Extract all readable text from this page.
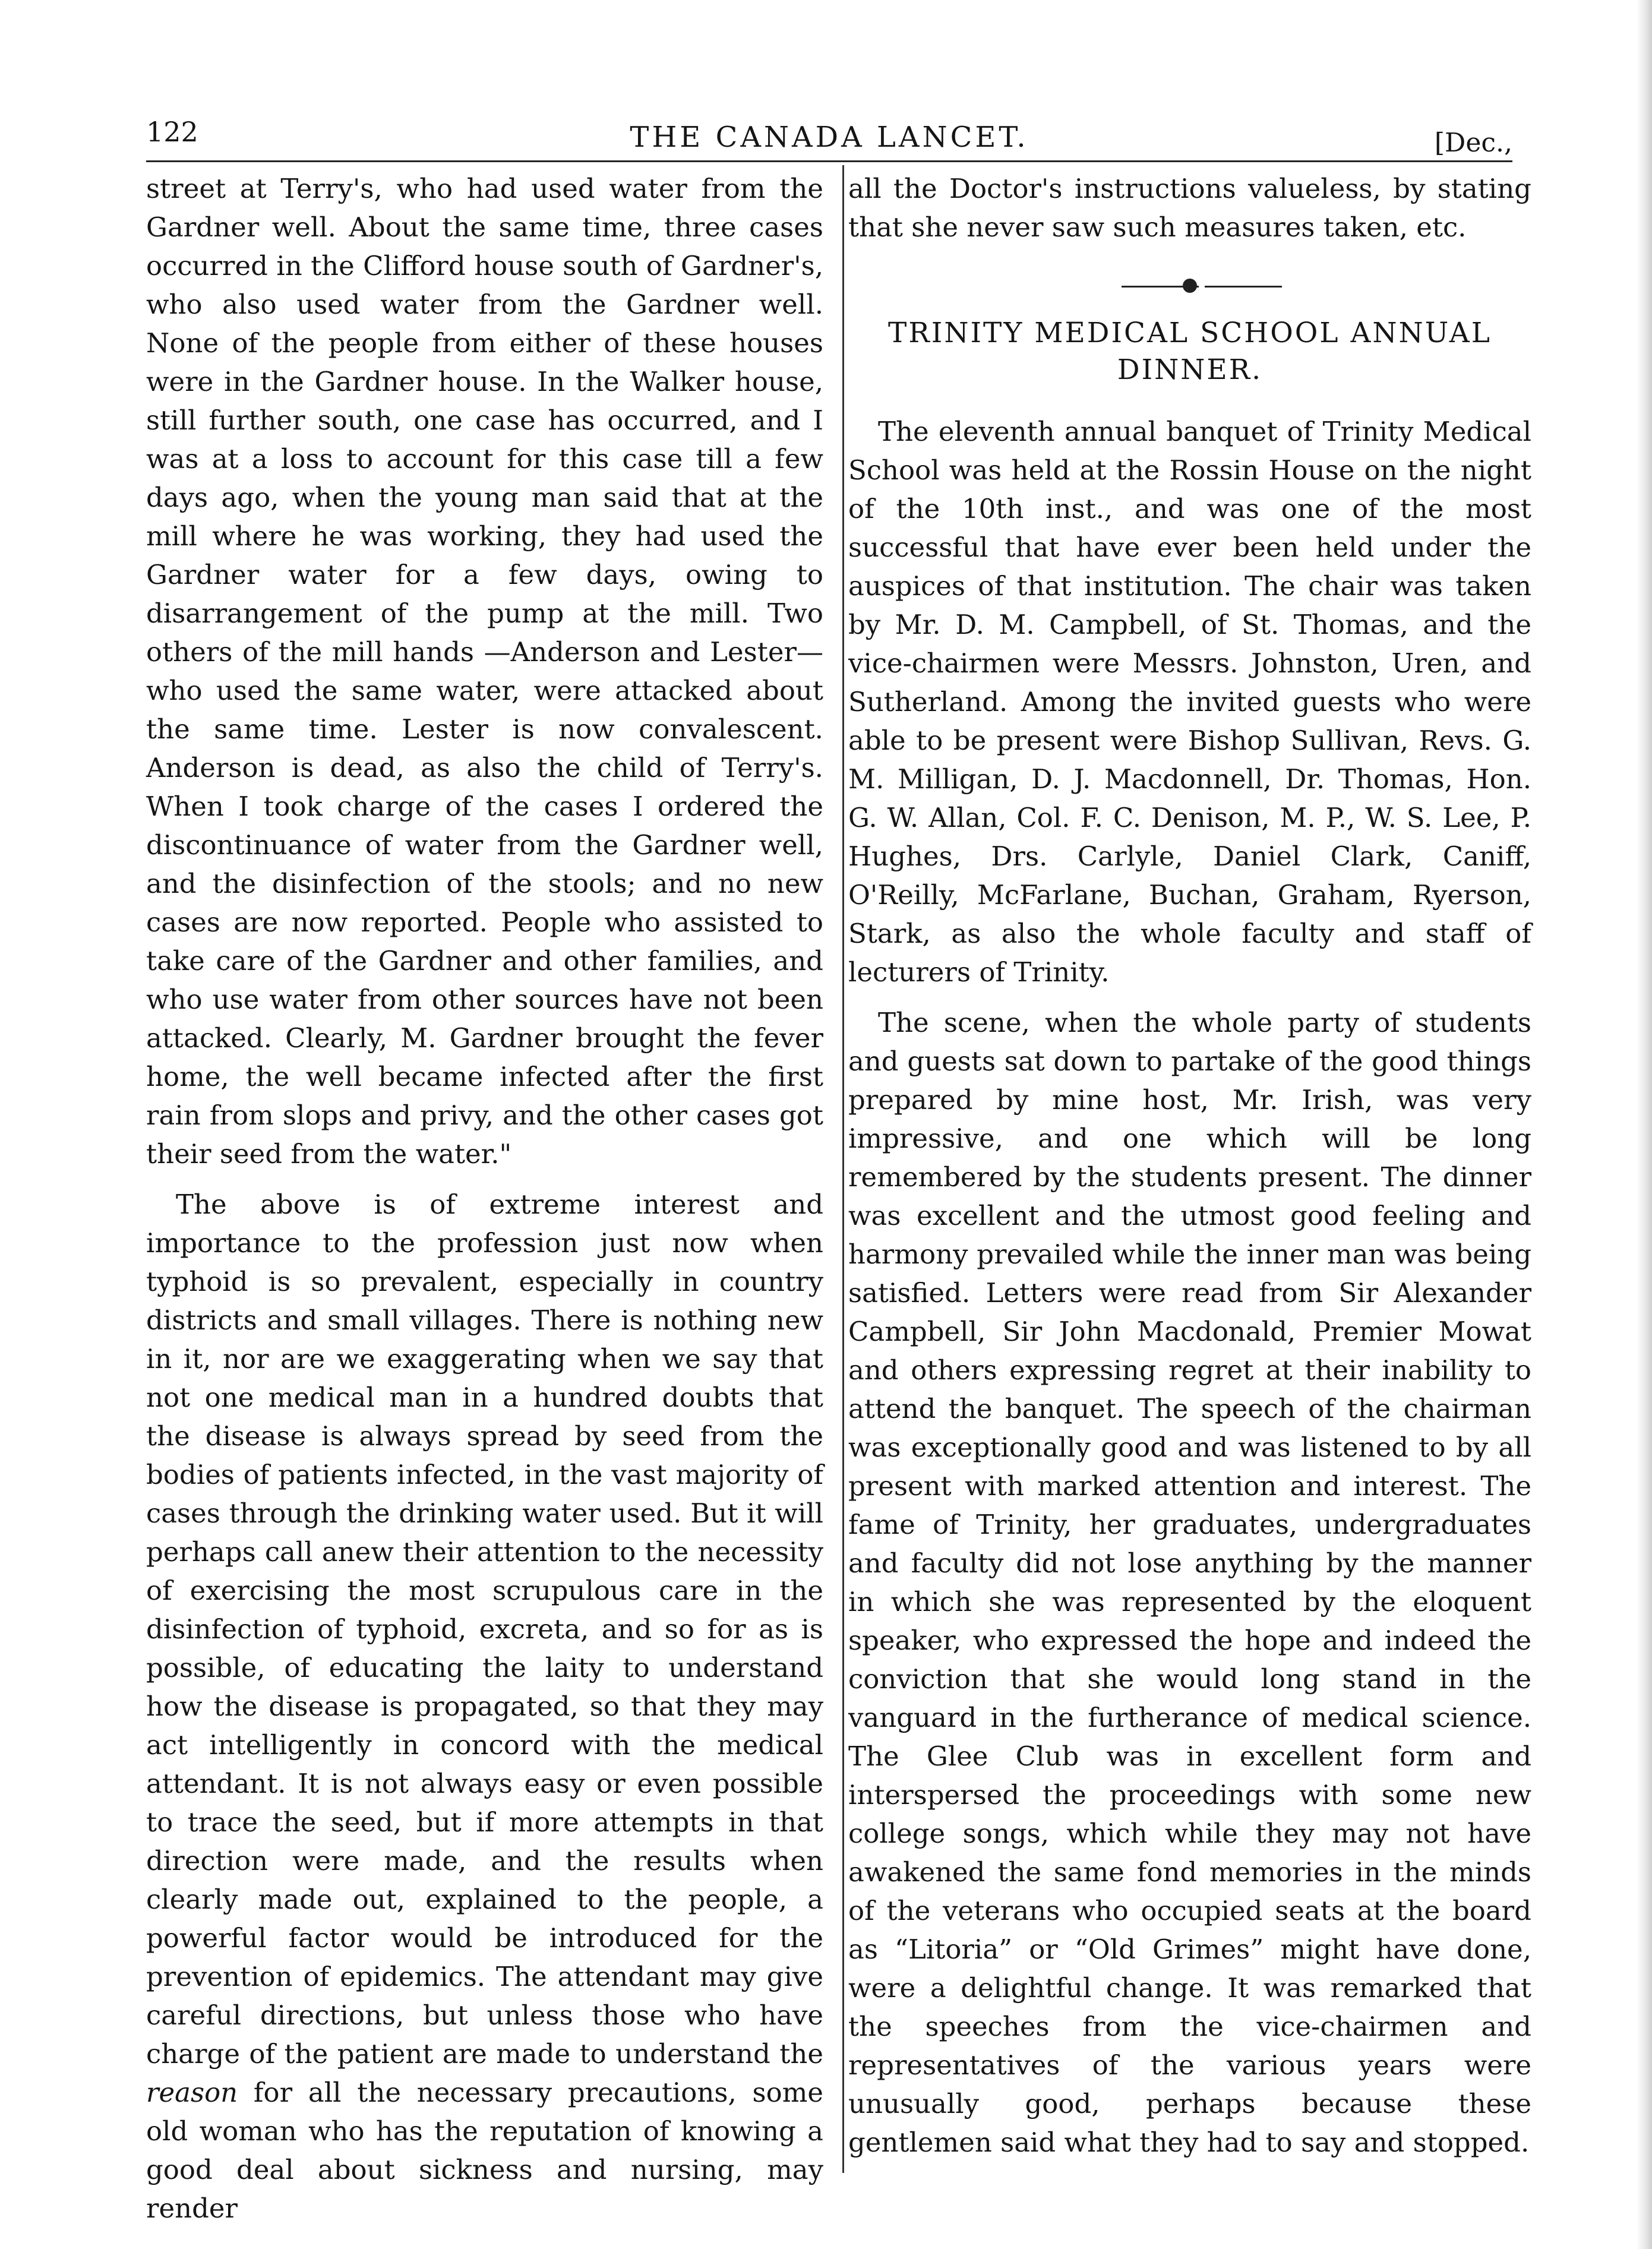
122	THE CANADA LANCET.	[Dec.,

street at Terry's, who had used water from the Gardner well. About the same time, three cases occurred in the Clifford house south of Gardner's, who also used water from the Gardner well. None of the people from either of these houses were in the Gardner house. In the Walker house, still further south, one case has occurred, and I was at a loss to account for this case till a few days ago, when the young man said that at the mill where he was working, they had used the Gardner water for a few days, owing to disarrangement of the pump at the mill. Two others of the mill hands —Anderson and Lester—who used the same water, were attacked about the same time. Lester is now convalescent. Anderson is dead, as also the child of Terry's. When I took charge of the cases I ordered the discontinuance of water from the Gardner well, and the disinfection of the stools; and no new cases are now reported. People who assisted to take care of the Gardner and other families, and who use water from other sources have not been attacked. Clearly, M. Gardner brought the fever home, the well became infected after the first rain from slops and privy, and the other cases got their seed from the water."

The above is of extreme interest and importance to the profession just now when typhoid is so prevalent, especially in country districts and small villages. There is nothing new in it, nor are we exaggerating when we say that not one medical man in a hundred doubts that the disease is always spread by seed from the bodies of patients infected, in the vast majority of cases through the drinking water used. But it will perhaps call anew their attention to the necessity of exercising the most scrupulous care in the disinfection of typhoid, excreta, and so for as is possible, of educating the laity to understand how the disease is propagated, so that they may act intelligently in concord with the medical attendant. It is not always easy or even possible to trace the seed, but if more attempts in that direction were made, and the results when clearly made out, explained to the people, a powerful factor would be introduced for the prevention of epidemics. The attendant may give careful directions, but unless those who have charge of the patient are made to understand the reason for all the necessary precautions, some old woman who has the reputation of knowing a good deal about sickness and nursing, may render

all the Doctor's instructions valueless, by stating that she never saw such measures taken, etc.

TRINITY MEDICAL SCHOOL ANNUAL DINNER.

The eleventh annual banquet of Trinity Medical School was held at the Rossin House on the night of the 10th inst., and was one of the most successful that have ever been held under the auspices of that institution. The chair was taken by Mr. D. M. Campbell, of St. Thomas, and the vice-chairmen were Messrs. Johnston, Uren, and Sutherland. Among the invited guests who were able to be present were Bishop Sullivan, Revs. G. M. Milligan, D. J. Macdonnell, Dr. Thomas, Hon. G. W. Allan, Col. F. C. Denison, M. P., W. S. Lee, P. Hughes, Drs. Carlyle, Daniel Clark, Caniff, O'Reilly, McFarlane, Buchan, Graham, Ryerson, Stark, as also the whole faculty and staff of lecturers of Trinity.

The scene, when the whole party of students and guests sat down to partake of the good things prepared by mine host, Mr. Irish, was very impressive, and one which will be long remembered by the students present. The dinner was excellent and the utmost good feeling and harmony prevailed while the inner man was being satisfied. Letters were read from Sir Alexander Campbell, Sir John Macdonald, Premier Mowat and others expressing regret at their inability to attend the banquet. The speech of the chairman was exceptionally good and was listened to by all present with marked attention and interest. The fame of Trinity, her graduates, undergraduates and faculty did not lose anything by the manner in which she was represented by the eloquent speaker, who expressed the hope and indeed the conviction that she would long stand in the vanguard in the furtherance of medical science. The Glee Club was in excellent form and interspersed the proceedings with some new college songs, which while they may not have awakened the same fond memories in the minds of the veterans who occupied seats at the board as “Litoria” or “Old Grimes” might have done, were a delightful change. It was remarked that the speeches from the vice-chairmen and representatives of the various years were unusually good, perhaps because these gentlemen said what they had to say and stopped.
